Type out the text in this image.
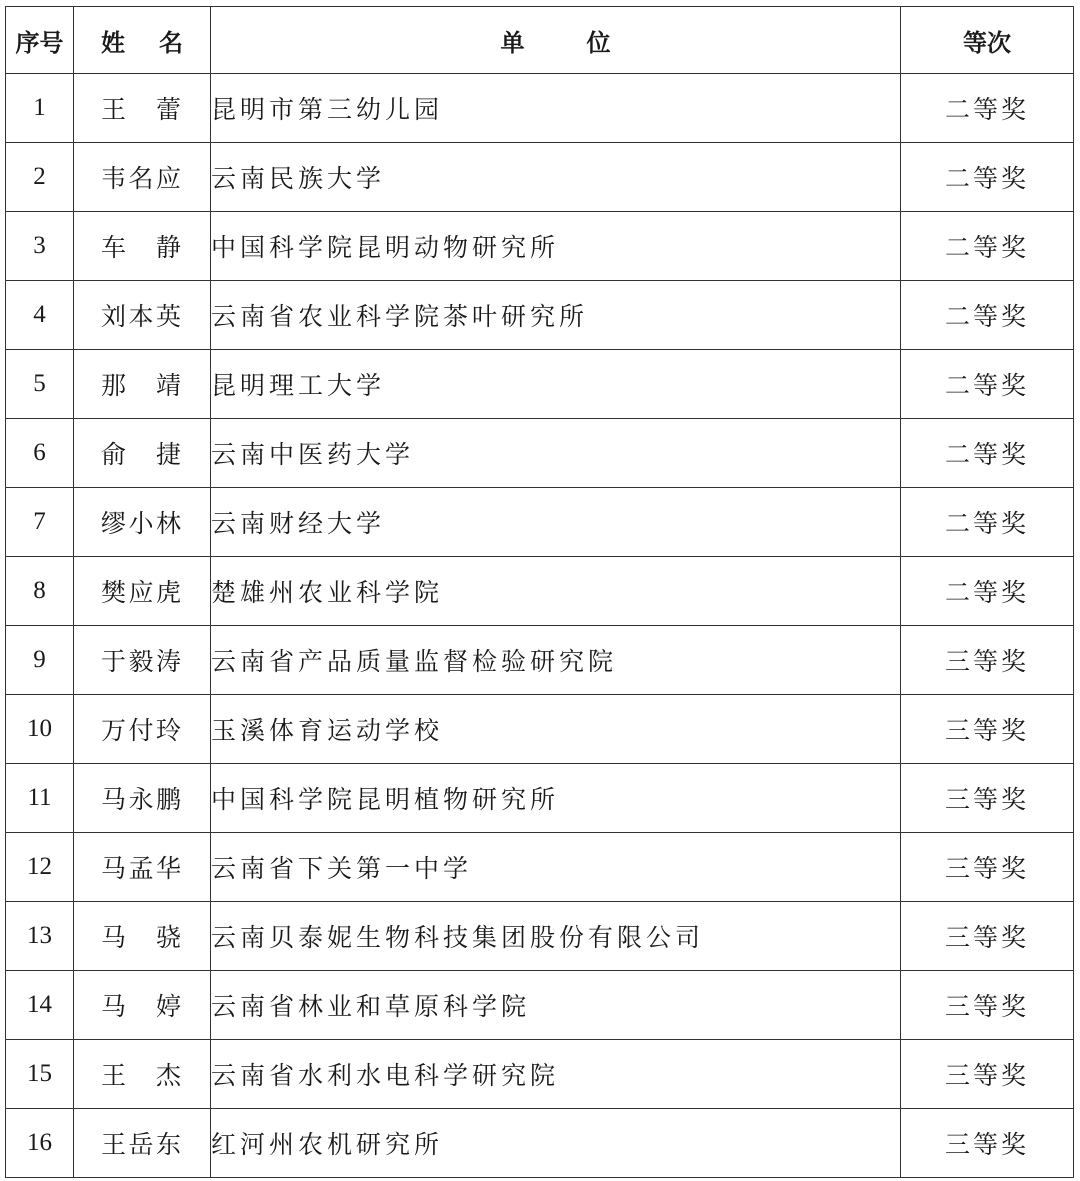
序号	姓　名	单　位	等次
1	王　蕾	昆明市第三幼儿园	二等奖
2	韦名应	云南民族大学	二等奖
3	车　静	中国科学院昆明动物研究所	二等奖
4	刘本英	云南省农业科学院茶叶研究所	二等奖
5	那　靖	昆明理工大学	二等奖
6	俞　捷	云南中医药大学	二等奖
7	缪小林	云南财经大学	二等奖
8	樊应虎	楚雄州农业科学院	二等奖
9	于毅涛	云南省产品质量监督检验研究院	三等奖
10	万付玲	玉溪体育运动学校	三等奖
11	马永鹏	中国科学院昆明植物研究所	三等奖
12	马孟华	云南省下关第一中学	三等奖
13	马　骁	云南贝泰妮生物科技集团股份有限公司	三等奖
14	马　婷	云南省林业和草原科学院	三等奖
15	王　杰	云南省水利水电科学研究院	三等奖
16	王岳东	红河州农机研究所	三等奖
